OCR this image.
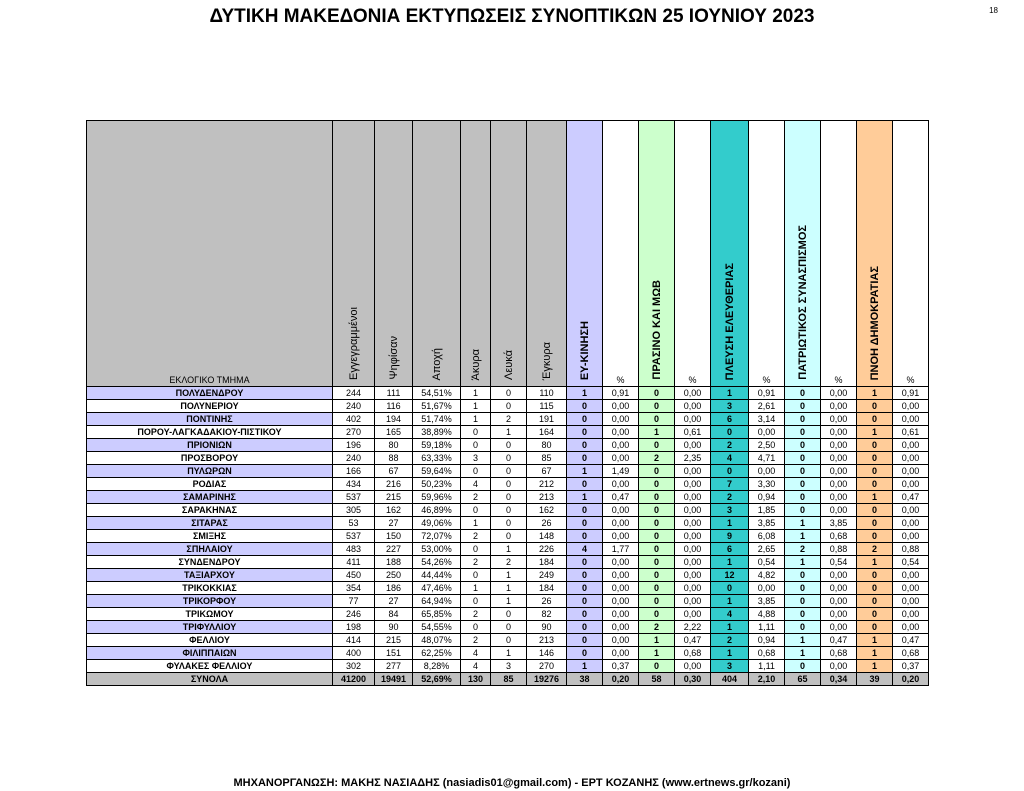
ΔΥΤΙΚΗ ΜΑΚΕΔΟΝΙΑ ΕΚΤΥΠΩΣΕΙΣ ΣΥΝΟΠΤΙΚΩΝ 25 ΙΟΥΝΙΟΥ 2023	18
ΕΚΛΟΓΙΚΟ ΤΜΗΜΑ	Εγγεγραμμένοι	Ψηφίσαν	Αποχή	Άκυρα	Λευκά	Έγκυρα	ΕΥ-ΚΙΝΗΣΗ	%	ΠΡΑΣΙΝΟ ΚΑΙ ΜΩΒ	%	ΠΛΕΥΣΗ ΕΛΕΥΘΕΡΙΑΣ	%	ΠΑΤΡΙΩΤΙΚΟΣ ΣΥΝΑΣΠΙΣΜΟΣ	%	ΠΝΟΗ ΔΗΜΟΚΡΑΤΙΑΣ	%
ΠΟΛΥΔΕΝΔΡΟΥ	244	111	54,51%	1	0	110	1	0,91	0	0,00	1	0,91	0	0,00	1	0,91
ΠΟΛΥΝΕΡΙΟΥ	240	116	51,67%	1	0	115	0	0,00	0	0,00	3	2,61	0	0,00	0	0,00
ΠΟΝΤΙΝΗΣ	402	194	51,74%	1	2	191	0	0,00	0	0,00	6	3,14	0	0,00	0	0,00
ΠΟΡΟΥ-ΛΑΓΚΑΔΑΚΙΟΥ-ΠΙΣΤΙΚΟΥ	270	165	38,89%	0	1	164	0	0,00	1	0,61	0	0,00	0	0,00	1	0,61
ΠΡΙΟΝΙΩΝ	196	80	59,18%	0	0	80	0	0,00	0	0,00	2	2,50	0	0,00	0	0,00
ΠΡΟΣΒΟΡΟΥ	240	88	63,33%	3	0	85	0	0,00	2	2,35	4	4,71	0	0,00	0	0,00
ΠΥΛΩΡΩΝ	166	67	59,64%	0	0	67	1	1,49	0	0,00	0	0,00	0	0,00	0	0,00
ΡΟΔΙΑΣ	434	216	50,23%	4	0	212	0	0,00	0	0,00	7	3,30	0	0,00	0	0,00
ΣΑΜΑΡΙΝΗΣ	537	215	59,96%	2	0	213	1	0,47	0	0,00	2	0,94	0	0,00	1	0,47
ΣΑΡΑΚΗΝΑΣ	305	162	46,89%	0	0	162	0	0,00	0	0,00	3	1,85	0	0,00	0	0,00
ΣΙΤΑΡΑΣ	53	27	49,06%	1	0	26	0	0,00	0	0,00	1	3,85	1	3,85	0	0,00
ΣΜΙΞΗΣ	537	150	72,07%	2	0	148	0	0,00	0	0,00	9	6,08	1	0,68	0	0,00
ΣΠΗΛΑΙΟΥ	483	227	53,00%	0	1	226	4	1,77	0	0,00	6	2,65	2	0,88	2	0,88
ΣΥΝΔΕΝΔΡΟΥ	411	188	54,26%	2	2	184	0	0,00	0	0,00	1	0,54	1	0,54	1	0,54
ΤΑΞΙΑΡΧΟΥ	450	250	44,44%	0	1	249	0	0,00	0	0,00	12	4,82	0	0,00	0	0,00
ΤΡΙΚΟΚΚΙΑΣ	354	186	47,46%	1	1	184	0	0,00	0	0,00	0	0,00	0	0,00	0	0,00
ΤΡΙΚΟΡΦΟΥ	77	27	64,94%	0	1	26	0	0,00	0	0,00	1	3,85	0	0,00	0	0,00
ΤΡΙΚΩΜΟΥ	246	84	65,85%	2	0	82	0	0,00	0	0,00	4	4,88	0	0,00	0	0,00
ΤΡΙΦΥΛΛΙΟΥ	198	90	54,55%	0	0	90	0	0,00	2	2,22	1	1,11	0	0,00	0	0,00
ΦΕΛΛΙΟΥ	414	215	48,07%	2	0	213	0	0,00	1	0,47	2	0,94	1	0,47	1	0,47
ΦΙΛΙΠΠΑΙΩΝ	400	151	62,25%	4	1	146	0	0,00	1	0,68	1	0,68	1	0,68	1	0,68
ΦΥΛΑΚΕΣ ΦΕΛΛΙΟΥ	302	277	8,28%	4	3	270	1	0,37	0	0,00	3	1,11	0	0,00	1	0,37
ΣΥΝΟΛΑ	41200	19491	52,69%	130	85	19276	38	0,20	58	0,30	404	2,10	65	0,34	39	0,20
ΜΗΧΑΝΟΡΓΑΝΩΣΗ: ΜΑΚΗΣ ΝΑΣΙΑΔΗΣ (nasiadis01@gmail.com) - ΕΡΤ ΚΟΖΑΝΗΣ (www.ertnews.gr/kozani)
